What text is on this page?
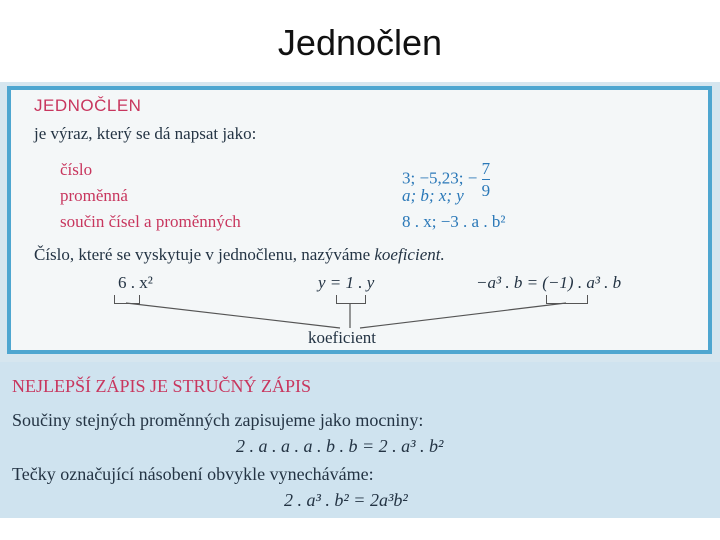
Jednočlen
JEDNOČLEN
je výraz, který se dá napsat jako:
číslo
proměnná
součin čísel a proměnných
3; −5,23; − $\frac{7}{9}$
a; b; x; y
8 . x; −3 . a . b²
Číslo, které se vyskytuje v jednočlenu, nazýváme koeficient.
6 . x²	y = 1 . y	−a³ . b = (−1) . a³ . b
koeficient
NEJLEPŠÍ ZÁPIS JE STRUČNÝ ZÁPIS
Součiny stejných proměnných zapisujeme jako mocniny:
2 . a . a . a . b . b = 2 . a³ . b²
Tečky označující násobení obvykle vynecháváme:
2 . a³ . b² = 2a³b²
